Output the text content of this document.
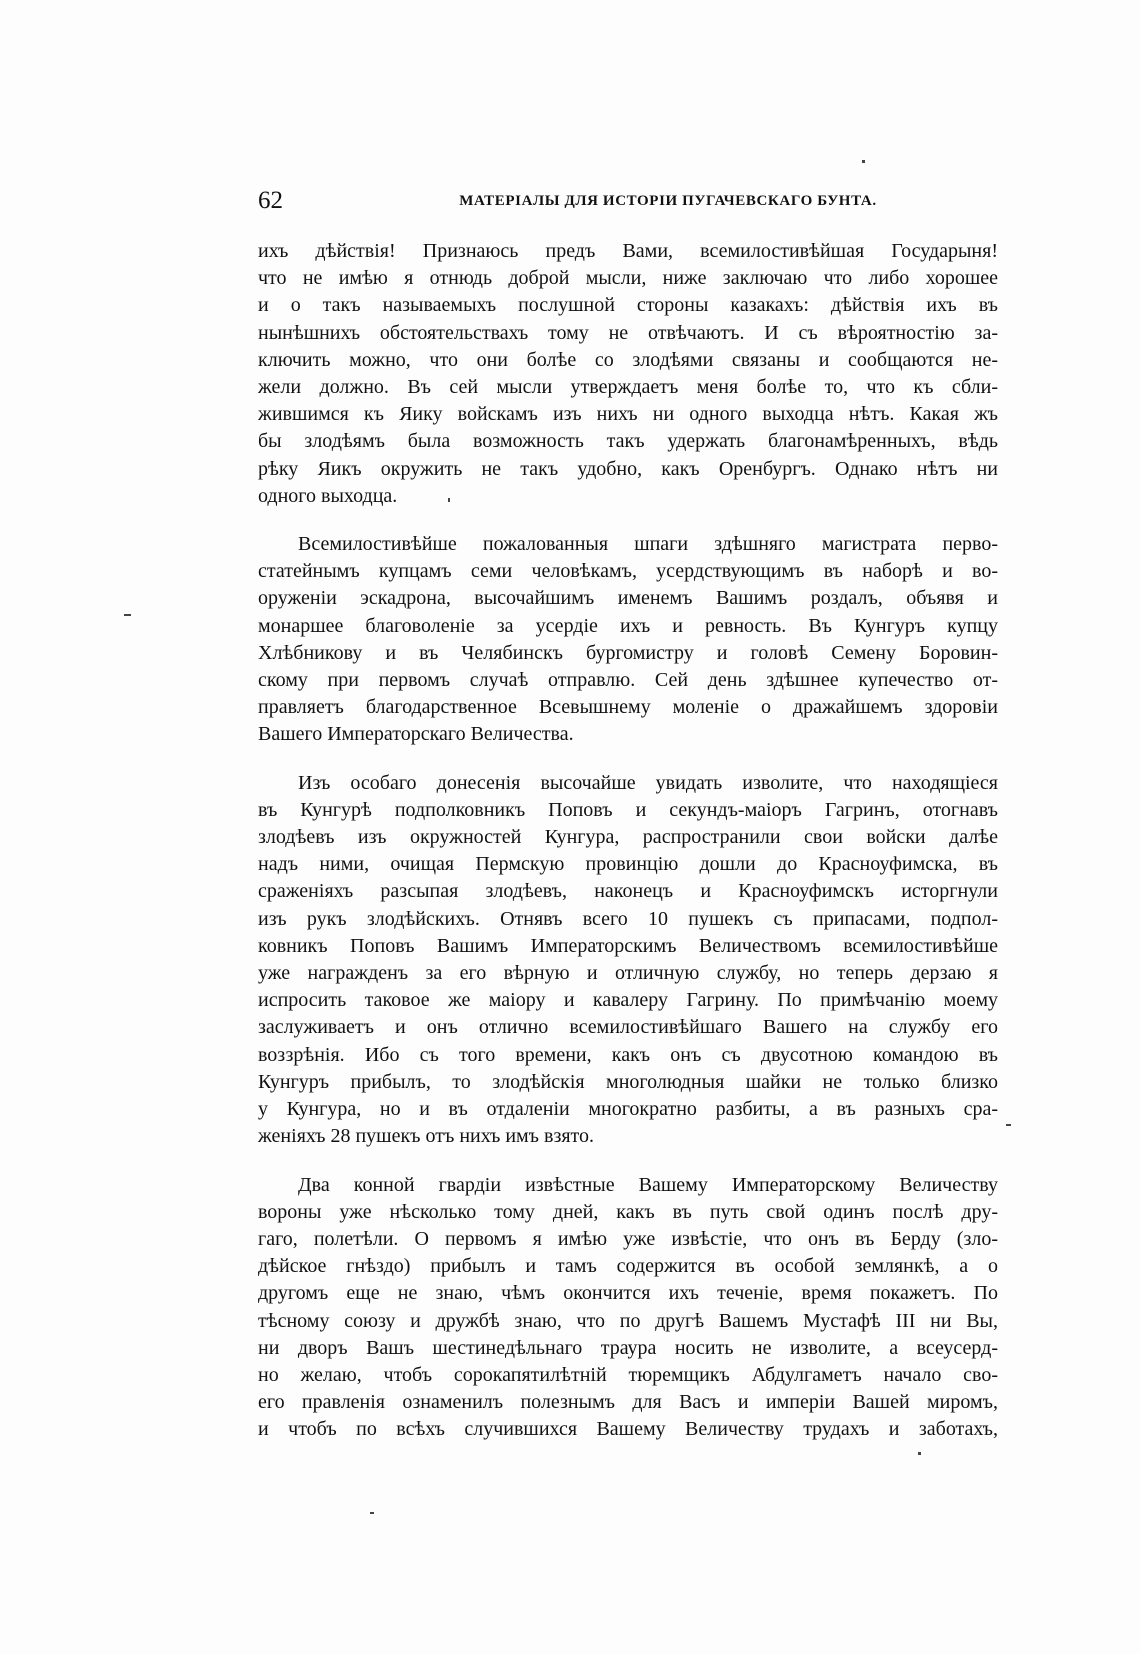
62	МАТЕРІАЛЫ ДЛЯ ИСТОРІИ ПУГАЧЕВСКАГО БУНТА.
ихъ дѣйствія! Признаюсь предъ Вами, всемилостивѣйшая Государыня!
что не имѣю я отнюдь доброй мысли, ниже заключаю что либо хорошее
и о такъ называемыхъ послушной стороны казакахъ: дѣйствія ихъ въ
нынѣшнихъ обстоятельствахъ тому не отвѣчаютъ. И съ вѣроятностію за-
ключить можно, что они болѣе со злодѣями связаны и сообщаются не-
жели должно. Въ сей мысли утверждаетъ меня болѣе то, что къ сбли-
жившимся къ Яику войскамъ изъ нихъ ни одного выходца нѣтъ. Какая жъ
бы злодѣямъ была возможность такъ удержать благонамѣренныхъ, вѣдь
рѣку Яикъ окружить не такъ удобно, какъ Оренбургъ. Однако нѣтъ ни
одного выходца.
Всемилостивѣйше пожалованныя шпаги здѣшняго магистрата перво-
статейнымъ купцамъ семи человѣкамъ, усердствующимъ въ наборѣ и во-
оруженіи эскадрона, высочайшимъ именемъ Вашимъ роздалъ, объявя и
монаршее благоволеніе за усердіе ихъ и ревность. Въ Кунгуръ купцу
Хлѣбникову и въ Челябинскъ бургомистру и головѣ Семену Боровин-
скому при первомъ случаѣ отправлю. Сей день здѣшнее купечество от-
правляетъ благодарственное Всевышнему моленіе о дражайшемъ здоровіи
Вашего Императорскаго Величества.
Изъ особаго донесенія высочайше увидать изволите, что находящіеся
въ Кунгурѣ подполковникъ Поповъ и секундъ-маіоръ Гагринъ, отогнавъ
злодѣевъ изъ окружностей Кунгура, распространили свои войски далѣе
надъ ними, очищая Пермскую провинцію дошли до Красноуфимска, въ
сраженіяхъ разсыпая злодѣевъ, наконецъ и Красноуфимскъ исторгнули
изъ рукъ злодѣйскихъ. Отнявъ всего 10 пушекъ съ припасами, подпол-
ковникъ Поповъ Вашимъ Императорскимъ Величествомъ всемилостивѣйше
уже награжденъ за его вѣрную и отличную службу, но теперь дерзаю я
испросить таковое же маіору и кавалеру Гагрину. По примѣчанію моему
заслуживаетъ и онъ отлично всемилостивѣйшаго Вашего на службу его
воззрѣнія. Ибо съ того времени, какъ онъ съ двусотною командою въ
Кунгуръ прибылъ, то злодѣйскія многолюдныя шайки не только близко
у Кунгура, но и въ отдаленіи многократно разбиты, а въ разныхъ сра-
женіяхъ 28 пушекъ отъ нихъ имъ взято.
Два конной гвардіи извѣстные Вашему Императорскому Величеству
вороны уже нѣсколько тому дней, какъ въ путь свой одинъ послѣ дру-
гаго, полетѣли. О первомъ я имѣю уже извѣстіе, что онъ въ Берду (зло-
дѣйское гнѣздо) прибылъ и тамъ содержится въ особой землянкѣ, а о
другомъ еще не знаю, чѣмъ окончится ихъ теченіе, время покажетъ. По
тѣсному союзу и дружбѣ знаю, что по другѣ Вашемъ Мустафѣ III ни Вы,
ни дворъ Вашъ шестинедѣльнаго траура носить не изволите, а всеусерд-
но желаю, чтобъ сорокапятилѣтній тюремщикъ Абдулгаметъ начало сво-
его правленія ознаменилъ полезнымъ для Васъ и имперіи Вашей миромъ,
и чтобъ по всѣхъ случившихся Вашему Величеству трудахъ и заботахъ,
